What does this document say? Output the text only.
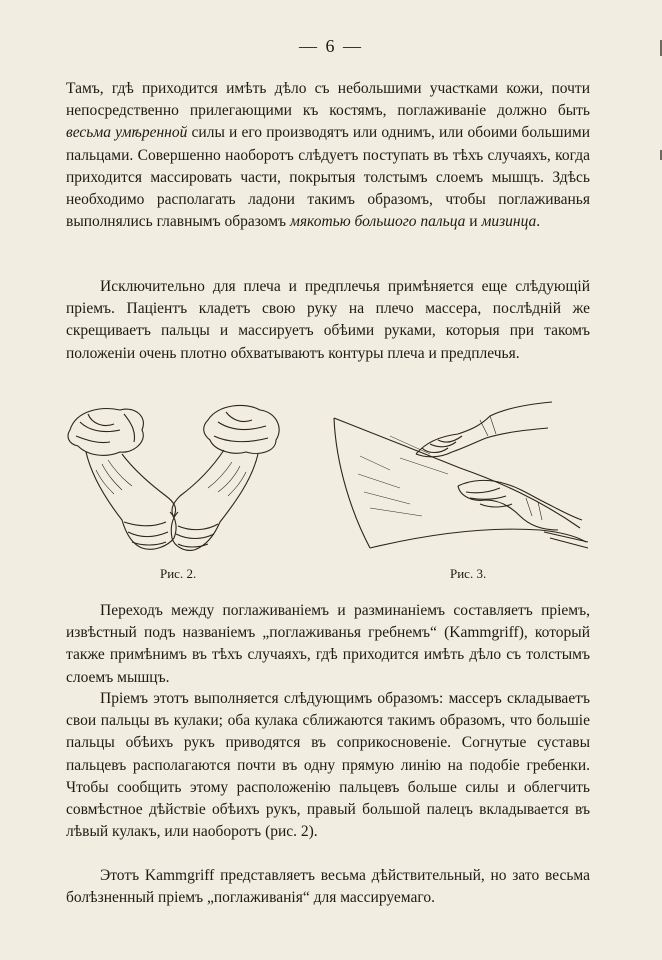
— 6 —

Тамъ, гдѣ приходится имѣть дѣло съ небольшими участками кожи, почти непосредственно прилегающими къ костямъ, поглаживаніе должно быть весьма умѣренной силы и его производятъ или однимъ, или обоими большими пальцами. Совершенно наоборотъ слѣдуетъ поступать въ тѣхъ случаяхъ, когда приходится массировать части, покрытыя толстымъ слоемъ мышцъ. Здѣсь необходимо располагать ладони такимъ образомъ, чтобы поглаживанья выполнялись главнымъ образомъ мякотью большого пальца и мизинца.

Исключительно для плеча и предплечья примѣняется еще слѣдующій пріемъ. Паціентъ кладетъ свою руку на плечо массера, послѣдній же скрещиваетъ пальцы и массируетъ обѣими руками, которыя при такомъ положеніи очень плотно обхватываютъ контуры плеча и предплечья.

Рис. 2.	Рис. 3.

Переходъ между поглаживаніемъ и разминаніемъ составляетъ пріемъ, извѣстный подъ названіемъ „поглаживанья гребнемъ“ (Kammgriff), который также примѣнимъ въ тѣхъ случаяхъ, гдѣ приходится имѣть дѣло съ толстымъ слоемъ мышцъ.

Пріемъ этотъ выполняется слѣдующимъ образомъ: массеръ складываетъ свои пальцы въ кулаки; оба кулака сближаются такимъ образомъ, что большіе пальцы обѣихъ рукъ приводятся въ соприкосновеніе. Согнутые суставы пальцевъ располагаются почти въ одну прямую линію на подобіе гребенки. Чтобы сообщить этому расположенію пальцевъ больше силы и облегчить совмѣстное дѣйствіе обѣихъ рукъ, правый большой палецъ вкладывается въ лѣвый кулакъ, или наоборотъ (рис. 2).

Этотъ Kammgriff представляетъ весьма дѣйствительный, но зато весьма болѣзненный пріемъ „поглаживанія“ для массируемаго.
